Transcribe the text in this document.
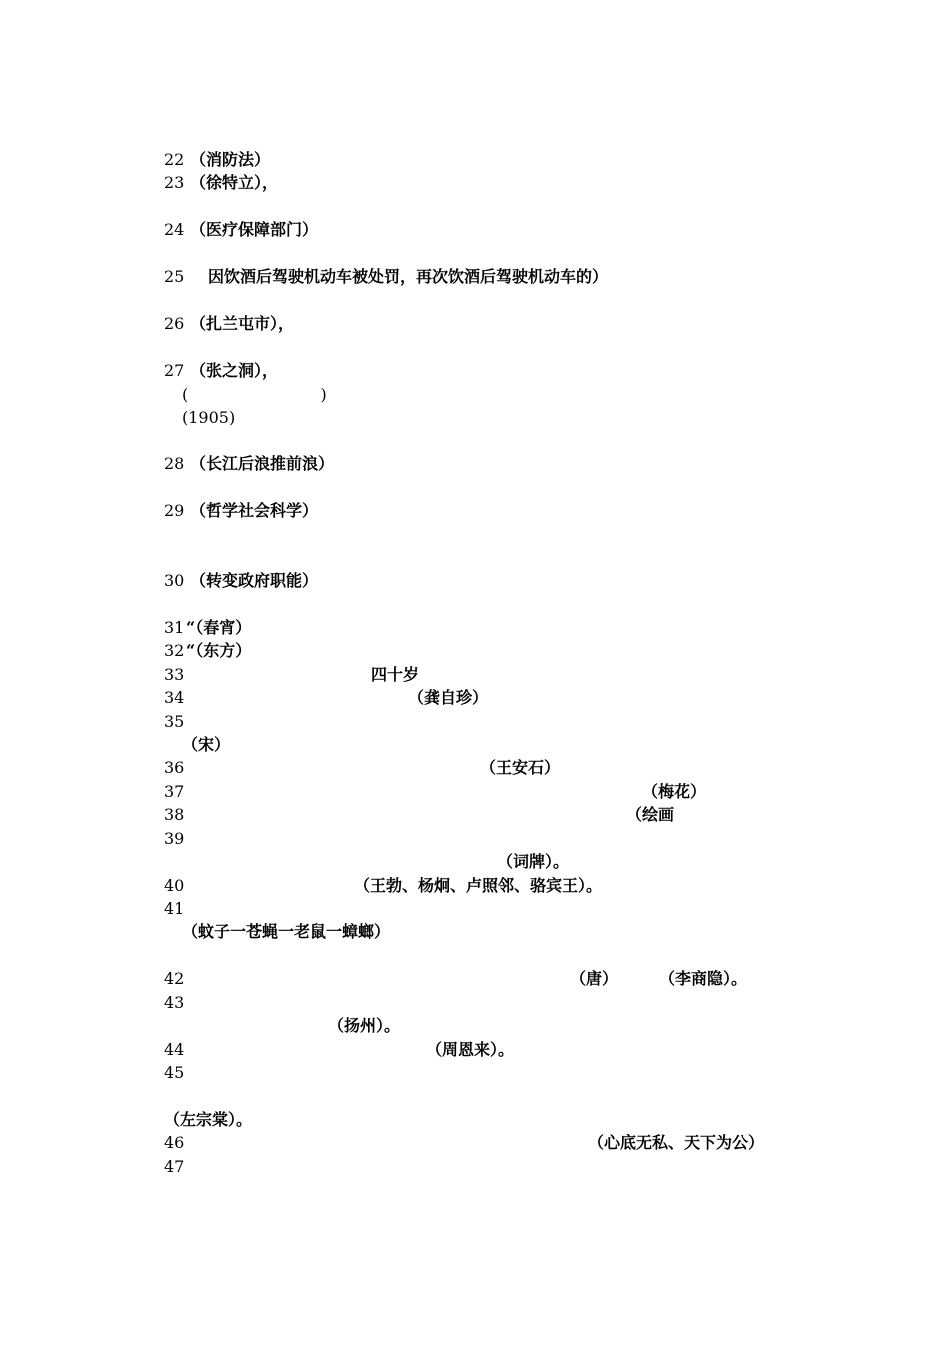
22 （消防法）
23 （徐特立），
24 （医疗保障部门）
25 因饮酒后驾驶机动车被处罚，再次饮酒后驾驶机动车的）
26 （扎兰屯市），
27 （张之洞），
(                          )
(1905)
28 （长江后浪推前浪）
29 （哲学社会科学）
30 （转变政府职能）
31 “（春宵）
32 “（东方）
33	四十岁
34	（龚自珍）
35
（宋）
36	（王安石）
37	（梅花）
38	（绘画
39
（词牌）。
40	（王勃、杨炯、卢照邻、骆宾王）。
41
（蚊子一苍蝇一老鼠一蟑螂）
42	（唐）	（李商隐）。
43
（扬州）。
44	（周恩来）。
45
（左宗棠）。
46	（心底无私、天下为公）
47
